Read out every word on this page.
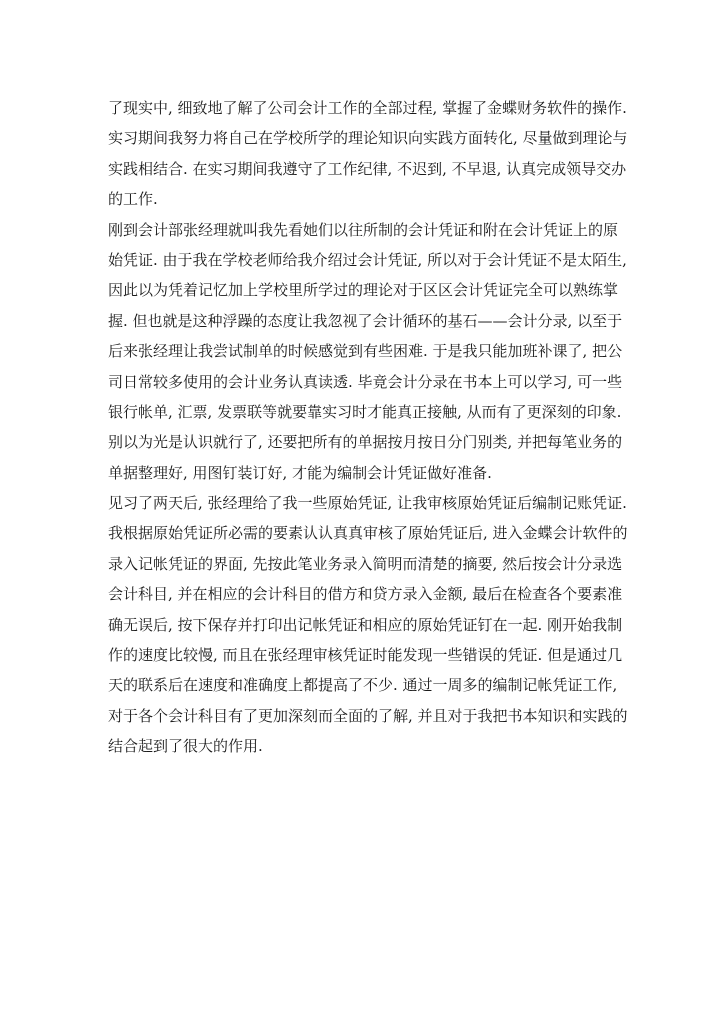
了现实中, 细致地了解了公司会计工作的全部过程, 掌握了金蝶财务软件的操作.
实习期间我努力将自己在学校所学的理论知识向实践方面转化, 尽量做到理论与
实践相结合. 在实习期间我遵守了工作纪律, 不迟到, 不早退, 认真完成领导交办
的工作.
刚到会计部张经理就叫我先看她们以往所制的会计凭证和附在会计凭证上的原
始凭证. 由于我在学校老师给我介绍过会计凭证, 所以对于会计凭证不是太陌生,
因此以为凭着记忆加上学校里所学过的理论对于区区会计凭证完全可以熟练掌
握. 但也就是这种浮躁的态度让我忽视了会计循环的基石——会计分录, 以至于
后来张经理让我尝试制单的时候感觉到有些困难. 于是我只能加班补课了, 把公
司日常较多使用的会计业务认真读透. 毕竟会计分录在书本上可以学习, 可一些
银行帐单, 汇票, 发票联等就要靠实习时才能真正接触, 从而有了更深刻的印象.
别以为光是认识就行了, 还要把所有的单据按月按日分门别类, 并把每笔业务的
单据整理好, 用图钉装订好, 才能为编制会计凭证做好准备.
见习了两天后, 张经理给了我一些原始凭证, 让我审核原始凭证后编制记账凭证.
我根据原始凭证所必需的要素认认真真审核了原始凭证后, 进入金蝶会计软件的
录入记帐凭证的界面, 先按此笔业务录入简明而清楚的摘要, 然后按会计分录选
会计科目, 并在相应的会计科目的借方和贷方录入金额, 最后在检查各个要素准
确无误后, 按下保存并打印出记帐凭证和相应的原始凭证钉在一起. 刚开始我制
作的速度比较慢, 而且在张经理审核凭证时能发现一些错误的凭证. 但是通过几
天的联系后在速度和准确度上都提高了不少. 通过一周多的编制记帐凭证工作,
对于各个会计科目有了更加深刻而全面的了解, 并且对于我把书本知识和实践的
结合起到了很大的作用.
